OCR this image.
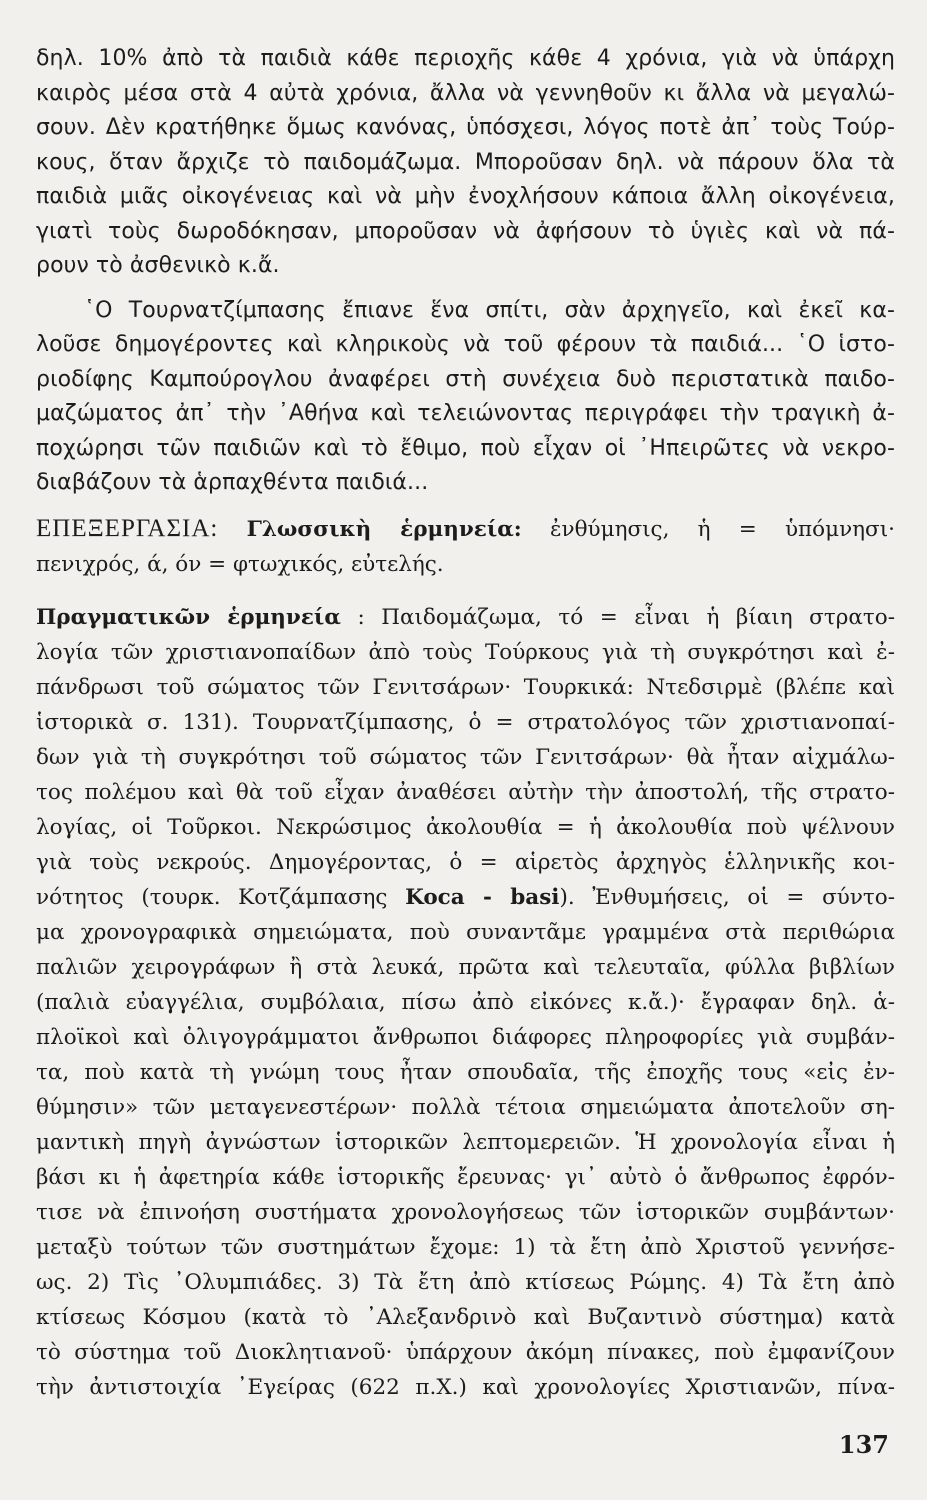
δηλ. 10% ἀπὸ τὰ παιδιὰ κάθε περιοχῆς κάθε 4 χρόνια, γιὰ νὰ ὑπάρχη
καιρὸς μέσα στὰ 4 αὐτὰ χρόνια, ἄλλα νὰ γεννηθοῦν κι ἄλλα νὰ μεγαλώ-
σουν. Δὲν κρατήθηκε ὅμως κανόνας, ὑπόσχεσι, λόγος ποτὲ ἀπ᾽ τοὺς Τούρ-
κους, ὅταν ἄρχιζε τὸ παιδομάζωμα. Μποροῦσαν δηλ. νὰ πάρουν ὅλα τὰ
παιδιὰ μιᾶς οἰκογένειας καὶ νὰ μὴν ἐνοχλήσουν κάποια ἄλλη οἰκογένεια,
γιατὶ τοὺς δωροδόκησαν, μποροῦσαν νὰ ἀφήσουν τὸ ὑγιὲς καὶ νὰ πά-
ρουν τὸ ἀσθενικὸ κ.ἄ.
῾Ο Τουρνατζίμπασης ἔπιανε ἕνα σπίτι, σὰν ἀρχηγεῖο, καὶ ἐκεῖ κα-
λοῦσε δημογέροντες καὶ κληρικοὺς νὰ τοῦ φέρουν τὰ παιδιά... ῾Ο ἱστο-
ριοδίφης Καμπούρογλου ἀναφέρει στὴ συνέχεια δυὸ περιστατικὰ παιδο-
μαζώματος ἀπ᾽ τὴν ᾽Αθήνα καὶ τελειώνοντας περιγράφει τὴν τραγικὴ ἀ-
ποχώρησι τῶν παιδιῶν καὶ τὸ ἔθιμο, ποὺ εἶχαν οἱ ᾽Ηπειρῶτες νὰ νεκρο-
διαβάζουν τὰ ἁρπαχθέντα παιδιά...
ΕΠΕΞΕΡΓΑΣΙΑ: Γλωσσικὴ ἑρμηνεία: ἐνθύμησις, ἡ = ὑπόμνησι·
πενιχρός, ά, όν = φτωχικός, εὐτελής.
Πραγματικῶν ἑρμηνεία : Παιδομάζωμα, τό = εἶναι ἡ βίαιη στρατο-
λογία τῶν χριστιανοπαίδων ἀπὸ τοὺς Τούρκους γιὰ τὴ συγκρότησι καὶ ἐ-
πάνδρωσι τοῦ σώματος τῶν Γενιτσάρων· Τουρκικά: Ντεδσιρμὲ (βλέπε καὶ
ἱστορικὰ σ. 131). Τουρνατζίμπασης, ὁ = στρατολόγος τῶν χριστιανοπαί-
δων γιὰ τὴ συγκρότησι τοῦ σώματος τῶν Γενιτσάρων· θὰ ἦταν αἰχμάλω-
τος πολέμου καὶ θὰ τοῦ εἶχαν ἀναθέσει αὐτὴν τὴν ἀποστολή, τῆς στρατο-
λογίας, οἱ Τοῦρκοι. Νεκρώσιμος ἀκολουθία = ἡ ἀκολουθία ποὺ ψέλνουν
γιὰ τοὺς νεκρούς. Δημογέροντας, ὁ = αἱρετὸς ἀρχηγὸς ἑλληνικῆς κοι-
νότητος (τουρκ. Κοτζάμπασης Koca - basi). Ἐνθυμήσεις, οἱ = σύντο-
μα χρονογραφικὰ σημειώματα, ποὺ συναντᾶμε γραμμένα στὰ περιθώρια
παλιῶν χειρογράφων ἢ στὰ λευκά, πρῶτα καὶ τελευταῖα, φύλλα βιβλίων
(παλιὰ εὐαγγέλια, συμβόλαια, πίσω ἀπὸ εἰκόνες κ.ἄ.)· ἔγραφαν δηλ. ἁ-
πλοϊκοὶ καὶ ὀλιγογράμματοι ἄνθρωποι διάφορες πληροφορίες γιὰ συμβάν-
τα, ποὺ κατὰ τὴ γνώμη τους ἦταν σπουδαῖα, τῆς ἐποχῆς τους «εἰς ἐν-
θύμησιν» τῶν μεταγενεστέρων· πολλὰ τέτοια σημειώματα ἀποτελοῦν ση-
μαντικὴ πηγὴ ἀγνώστων ἱστορικῶν λεπτομερειῶν. Ἡ χρονολογία εἶναι ἡ
βάσι κι ἡ ἀφετηρία κάθε ἱστορικῆς ἔρευνας· γι᾽ αὐτὸ ὁ ἄνθρωπος ἐφρόν-
τισε νὰ ἐπινοήση συστήματα χρονολογήσεως τῶν ἱστορικῶν συμβάντων·
μεταξὺ τούτων τῶν συστημάτων ἔχομε: 1) τὰ ἔτη ἀπὸ Χριστοῦ γεννήσε-
ως. 2) Τὶς ᾽Ολυμπιάδες. 3) Τὰ ἔτη ἀπὸ κτίσεως Ρώμης. 4) Τὰ ἔτη ἀπὸ
κτίσεως Κόσμου (κατὰ τὸ ᾽Αλεξανδρινὸ καὶ Βυζαντινὸ σύστημα) κατὰ
τὸ σύστημα τοῦ Διοκλητιανοῦ· ὑπάρχουν ἀκόμη πίνακες, ποὺ ἐμφανίζουν
τὴν ἀντιστοιχία ᾽Εγείρας (622 π.Χ.) καὶ χρονολογίες Χριστιανῶν, πίνα-
137
